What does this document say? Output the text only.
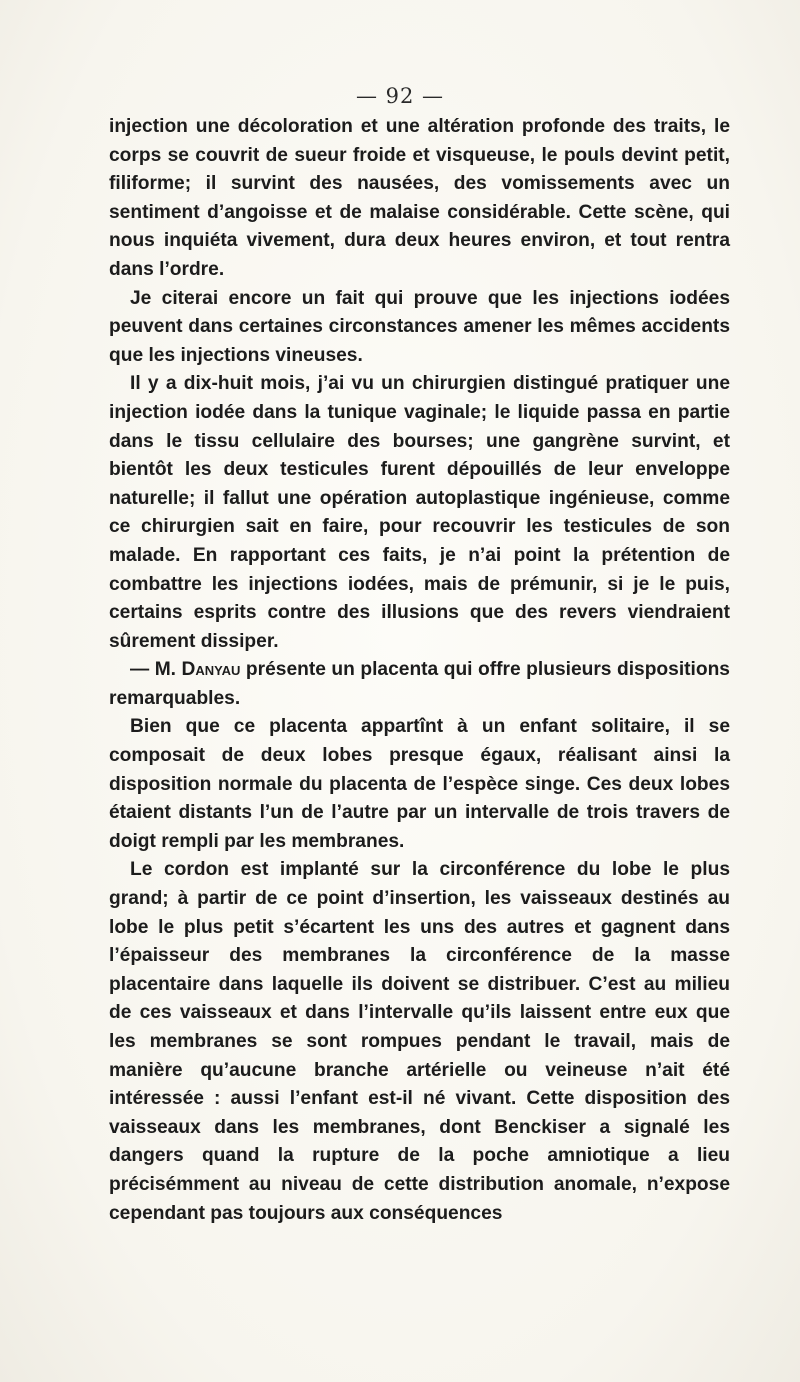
— 92 —

injection une décoloration et une altération profonde des traits, le corps se couvrit de sueur froide et visqueuse, le pouls devint petit, filiforme; il survint des nausées, des vomissements avec un sentiment d’angoisse et de malaise considérable. Cette scène, qui nous inquiéta vivement, dura deux heures environ, et tout rentra dans l’ordre.

Je citerai encore un fait qui prouve que les injections iodées peuvent dans certaines circonstances amener les mêmes accidents que les injections vineuses.

Il y a dix-huit mois, j’ai vu un chirurgien distingué pratiquer une injection iodée dans la tunique vaginale; le liquide passa en partie dans le tissu cellulaire des bourses; une gangrène survint, et bientôt les deux testicules furent dépouillés de leur enveloppe naturelle; il fallut une opération autoplastique ingénieuse, comme ce chirurgien sait en faire, pour recouvrir les testicules de son malade. En rapportant ces faits, je n’ai point la prétention de combattre les injections iodées, mais de prémunir, si je le puis, certains esprits contre des illusions que des revers viendraient sûrement dissiper.

— M. Danyau présente un placenta qui offre plusieurs dispositions remarquables.

Bien que ce placenta appartînt à un enfant solitaire, il se composait de deux lobes presque égaux, réalisant ainsi la disposition normale du placenta de l’espèce singe. Ces deux lobes étaient distants l’un de l’autre par un intervalle de trois travers de doigt rempli par les membranes.

Le cordon est implanté sur la circonférence du lobe le plus grand; à partir de ce point d’insertion, les vaisseaux destinés au lobe le plus petit s’écartent les uns des autres et gagnent dans l’épaisseur des membranes la circonférence de la masse placentaire dans laquelle ils doivent se distribuer. C’est au milieu de ces vaisseaux et dans l’intervalle qu’ils laissent entre eux que les membranes se sont rompues pendant le travail, mais de manière qu’aucune branche artérielle ou veineuse n’ait été intéressée : aussi l’enfant est-il né vivant. Cette disposition des vaisseaux dans les membranes, dont Benckiser a signalé les dangers quand la rupture de la poche amniotique a lieu précisémment au niveau de cette distribution anomale, n’expose cependant pas toujours aux conséquences
